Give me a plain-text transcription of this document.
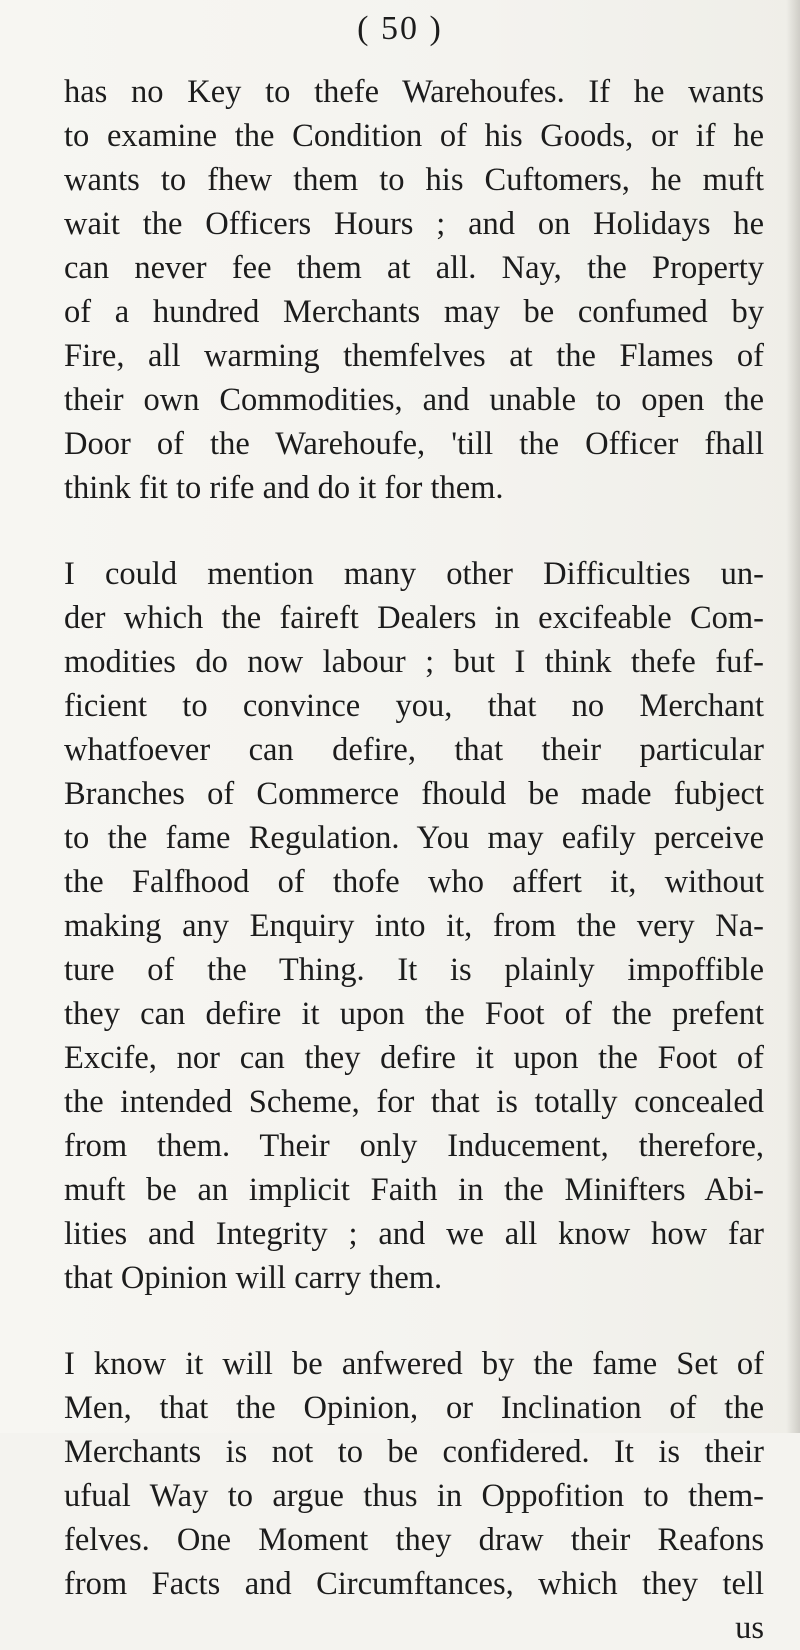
( 50 )
has no Key to thefe Warehoufes. If he wants
to examine the Condition of his Goods, or if he
wants to fhew them to his Cuftomers, he muft
wait the Officers Hours ; and on Holidays he
can never fee them at all. Nay, the Property
of a hundred Merchants may be confumed by
Fire, all warming themfelves at the Flames of
their own Commodities, and unable to open the
Door of the Warehoufe, 'till the Officer fhall
think fit to rife and do it for them.
I could mention many other Difficulties un-
der which the faireft Dealers in excifeable Com-
modities do now labour ; but I think thefe fuf-
ficient to convince you, that no Merchant
whatfoever can defire, that their particular
Branches of Commerce fhould be made fubject
to the fame Regulation. You may eafily perceive
the Falfhood of thofe who affert it, without
making any Enquiry into it, from the very Na-
ture of the Thing. It is plainly impoffible
they can defire it upon the Foot of the prefent
Excife, nor can they defire it upon the Foot of
the intended Scheme, for that is totally concealed
from them. Their only Inducement, therefore,
muft be an implicit Faith in the Minifters Abi-
lities and Integrity ; and we all know how far
that Opinion will carry them.
I know it will be anfwered by the fame Set of
Men, that the Opinion, or Inclination of the
Merchants is not to be confidered. It is their
ufual Way to argue thus in Oppofition to them-
felves. One Moment they draw their Reafons
from Facts and Circumftances, which they tell
us
